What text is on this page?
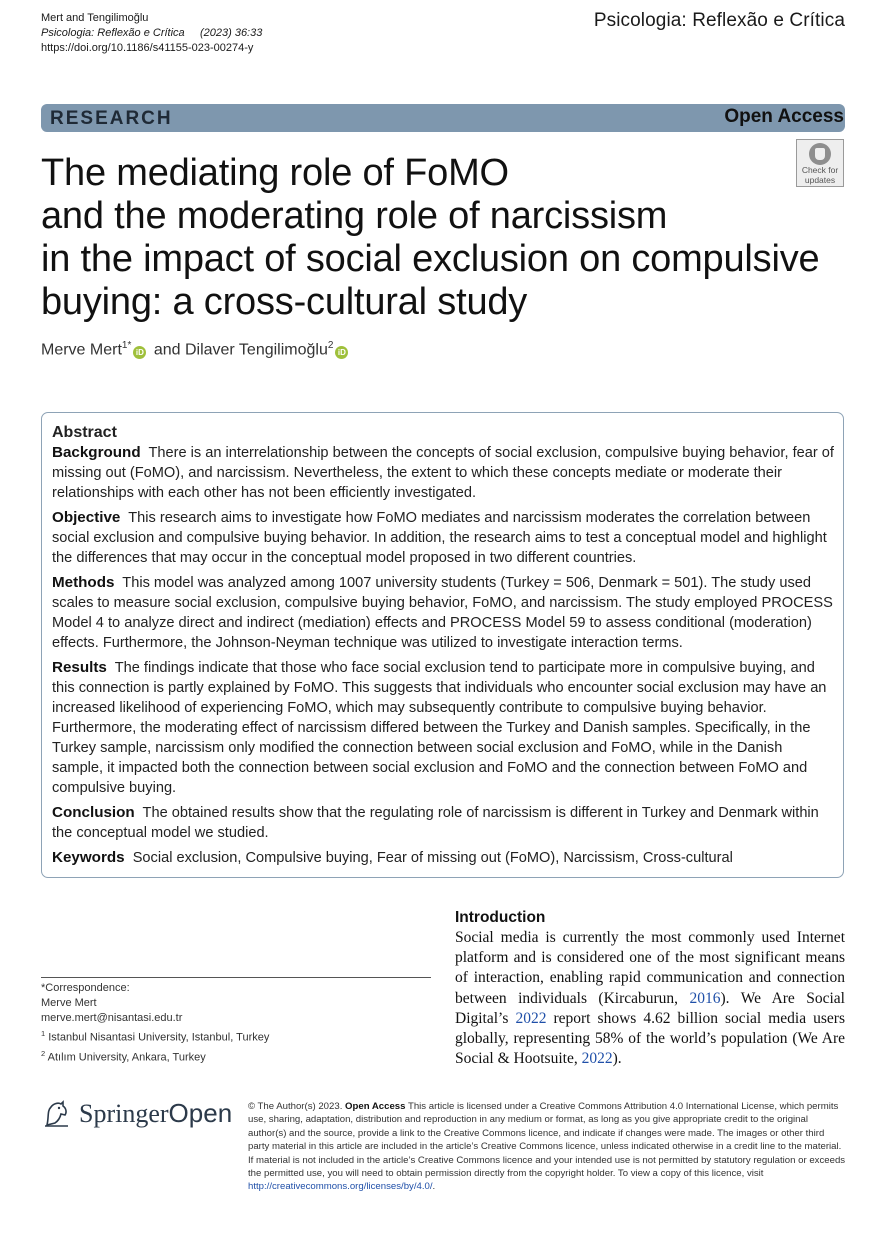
Mert and Tengilimoğlu
Psicologia: Reflexão e Crítica (2023) 36:33
https://doi.org/10.1186/s41155-023-00274-y
Psicologia: Reflexão e Crítica
RESEARCH	Open Access
Check for
updates
The mediating role of FoMO
and the moderating role of narcissism
in the impact of social exclusion on compulsive
buying: a cross-cultural study
Merve Mert$^{1*}$iD and Dilaver Tengilimoğlu$^2$iD
Abstract

Background There is an interrelationship between the concepts of social exclusion, compulsive buying behavior, fear of missing out (FoMO), and narcissism. Nevertheless, the extent to which these concepts mediate or moderate their relationships with each other has not been efficiently investigated.

Objective This research aims to investigate how FoMO mediates and narcissism moderates the correlation between social exclusion and compulsive buying behavior. In addition, the research aims to test a conceptual model and highlight the differences that may occur in the conceptual model proposed in two different countries.

Methods This model was analyzed among 1007 university students (Turkey = 506, Denmark = 501). The study used scales to measure social exclusion, compulsive buying behavior, FoMO, and narcissism. The study employed PROCESS Model 4 to analyze direct and indirect (mediation) effects and PROCESS Model 59 to assess conditional (moderation) effects. Furthermore, the Johnson-Neyman technique was utilized to investigate interaction terms.

Results The findings indicate that those who face social exclusion tend to participate more in compulsive buying, and this connection is partly explained by FoMO. This suggests that individuals who encounter social exclusion may have an increased likelihood of experiencing FoMO, which may subsequently contribute to compulsive buying behavior. Furthermore, the moderating effect of narcissism differed between the Turkey and Danish samples. Specifically, in the Turkey sample, narcissism only modified the connection between social exclusion and FoMO, while in the Danish sample, it impacted both the connection between social exclusion and FoMO and the connection between FoMO and compulsive buying.

Conclusion The obtained results show that the regulating role of narcissism is different in Turkey and Denmark within the conceptual model we studied.

Keywords Social exclusion, Compulsive buying, Fear of missing out (FoMO), Narcissism, Cross-cultural

Introduction
Social media is currently the most commonly used Internet platform and is considered one of the most significant means of interaction, enabling rapid communication and connection between individuals (Kircaburun, 2016). We Are Social Digital’s 2022 report shows 4.62 billion social media users globally, representing 58% of the world’s population (We Are Social & Hootsuite, 2022).
*Correspondence:
Merve Mert
merve.mert@nisantasi.edu.tr
$^1$ Istanbul Nisantasi University, Istanbul, Turkey
$^2$ Atılım University, Ankara, Turkey
SpringerOpen © The Author(s) 2023. Open Access This article is licensed under a Creative Commons Attribution 4.0 International License, which permits use, sharing, adaptation, distribution and reproduction in any medium or format, as long as you give appropriate credit to the original author(s) and the source, provide a link to the Creative Commons licence, and indicate if changes were made. The images or other third party material in this article are included in the article’s Creative Commons licence, unless indicated otherwise in a credit line to the material. If material is not included in the article’s Creative Commons licence and your intended use is not permitted by statutory regulation or exceeds the permitted use, you will need to obtain permission directly from the copyright holder. To view a copy of this licence, visit http://creativecommons.org/licenses/by/4.0/.
